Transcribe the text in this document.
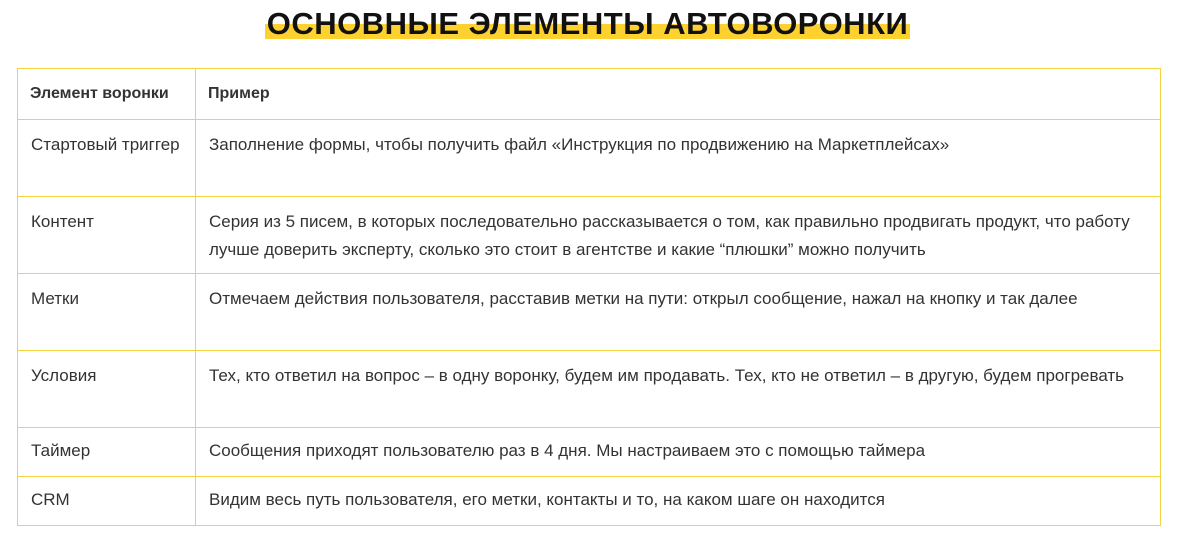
ОСНОВНЫЕ ЭЛЕМЕНТЫ АВТОВОРОНКИ
Элемент воронки	Пример
Стартовый триггер	Заполнение формы, чтобы получить файл «Инструкция по продвижению на Маркетплейсах»
Контент	Серия из 5 писем, в которых последовательно рассказывается о том, как правильно продвигать продукт, что работу лучше доверить эксперту, сколько это стоит в агентстве и какие “плюшки” можно получить
Метки	Отмечаем действия пользователя, расставив метки на пути: открыл сообщение, нажал на кнопку и так далее
Условия	Тех, кто ответил на вопрос – в одну воронку, будем им продавать. Тех, кто не ответил – в другую, будем прогревать
Таймер	Сообщения приходят пользователю раз в 4 дня. Мы настраиваем это с помощью таймера
CRM	Видим весь путь пользователя, его метки, контакты и то, на каком шаге он находится
